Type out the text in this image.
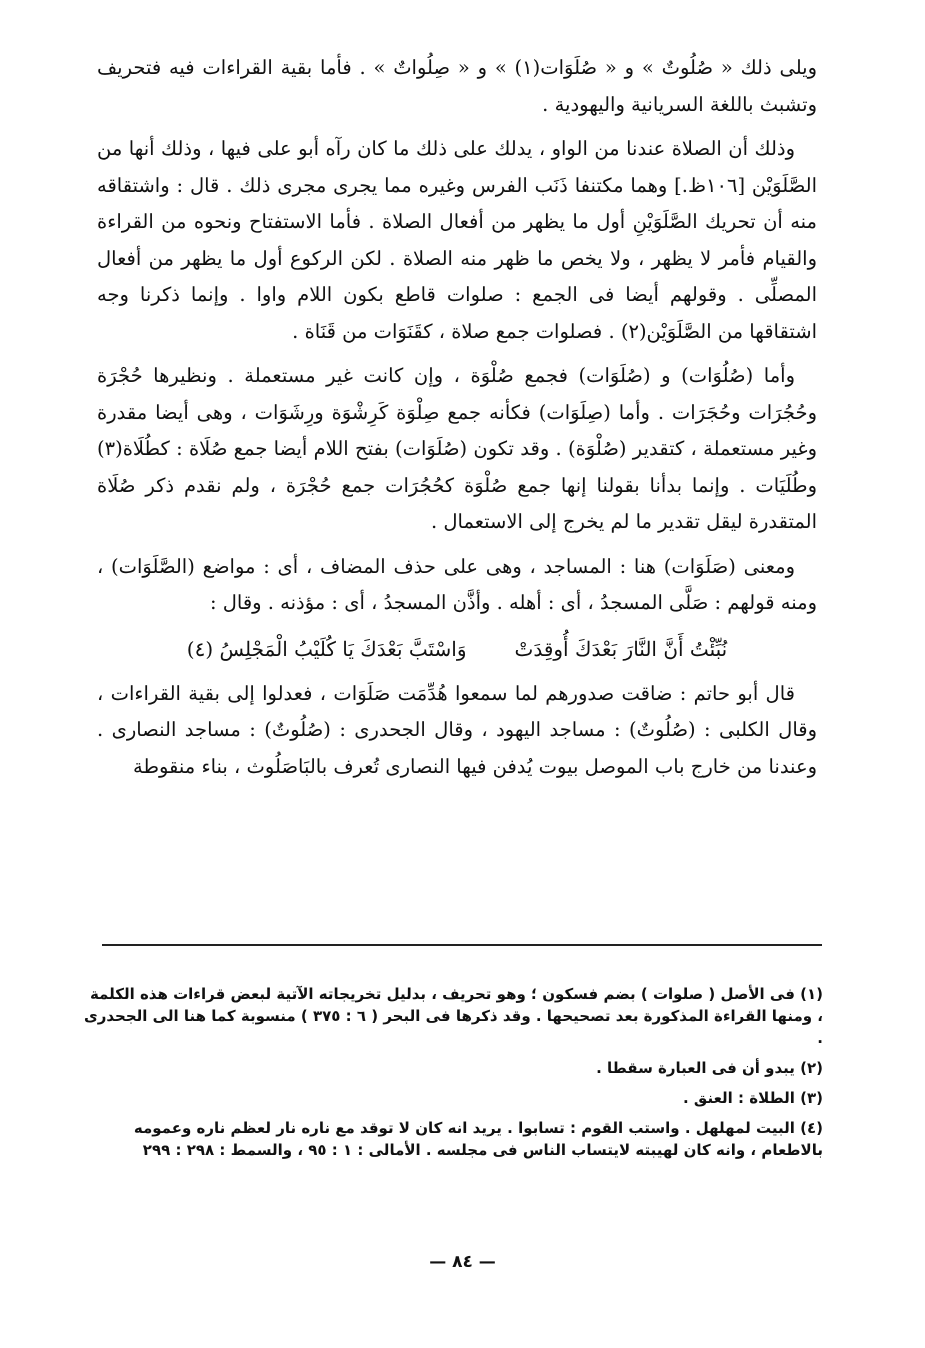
ويلى ذلك « صُلُوتٌ » و « صُلَوَات(١) » و « صِلُواتٌ » . فأما بقية القراءات فيه فتحريف وتشبث باللغة السريانية واليهودية .

وذلك أن الصلاة عندنا من الواو ، يدلك على ذلك ما كان رآه أبو على فيها ، وذلك أنها من الصَّلَوَيْن [١٠٦ظ.] وهما مكتنفا ذَنَب الفرس وغيره مما يجرى مجرى ذلك . قال : واشتقاقه منه أن تحريك الصَّلَوَيْنِ أول ما يظهر من أفعال الصلاة . فأما الاستفتاح ونحوه من القراءة والقيام فأمر لا يظهر ، ولا يخص ما ظهر منه الصلاة . لكن الركوع أول ما يظهر من أفعال المصلِّى . وقولهم أيضا فى الجمع : صلوات قاطع بكون اللام واوا . وإنما ذكرنا وجه اشتقاقها من الصَّلَوَيْن(٢) . فصلوات جمع صلاة ، كقَنَوَات من قَنَاة .

وأما (صُلُوَات) و (صُلَوَات) فجمع صُلْوَة ، وإن كانت غير مستعملة . ونظيرها حُجْرَة وحُجُرَات وحُجَرَات . وأما (صِلَوَات) فكأنه جمع صِلْوَة كَرِشْوَة ورِشَوَات ، وهى أيضا مقدرة وغير مستعملة ، كتقدير (صُلْوَة) . وقد تكون (صُلَوَات) بفتح اللام أيضا جمع صُلَاة : كطُلَاة(٣) وطُلَيَات . وإنما بدأنا بقولنا إنها جمع صُلْوَة كحُجُرَات جمع حُجْرَة ، ولم نقدم ذكر صُلَاة المتقدرة ليقل تقدير ما لم يخرج إلى الاستعمال .

ومعنى (صَلَوَات) هنا : المساجد ، وهى على حذف المضاف ، أى : مواضع (الصَّلَوَات) ، ومنه قولهم : صَلَّى المسجدُ ، أى : أهله . وأذَّن المسجدُ ، أى : مؤذنه . وقال :

نُبِّئْتُ أَنَّ النَّارَ بَعْدَكَ أُوقِدَتْ
وَاسْتَبَّ بَعْدَكَ يَا كُلَيْبُ الْمَجْلِسُ (٤)

قال أبو حاتم : ضاقت صدورهم لما سمعوا هُدِّمَت صَلَوَات ، فعدلوا إلى بقية القراءات ، وقال الكلبى : (صُلُوتٌ) : مساجد اليهود ، وقال الجحدرى : (صُلُوتٌ) : مساجد النصارى . وعندنا من خارج باب الموصل بيوت يُدفن فيها النصارى تُعرف بالبَاصَلُوث ، بناء منقوطة

(١) فى الأصل ( صلوات ) بضم فسكون ؛ وهو تحريف ، بدليل تخريجاته الآتية لبعض قراءات هذه الكلمة ، ومنها القراءة المذكورة بعد تصحيحها . وقد ذكرها فى البحر ( ٦ : ٣٧٥ ) منسوبة كما هنا الى الجحدرى .
(٢) يبدو أن فى العبارة سقطا .
(٣) الطلاة : العنق .
(٤) البيت لمهلهل . واستب القوم : تسابوا . يريد انه كان لا توقد مع ناره نار لعظم ناره وعمومه بالاطعام ، وانه كان لهيبته لايتساب الناس فى مجلسه . الأمالى : ١ : ٩٥ ، والسمط : ٢٩٨ : ٢٩٩
— ٨٤ —
